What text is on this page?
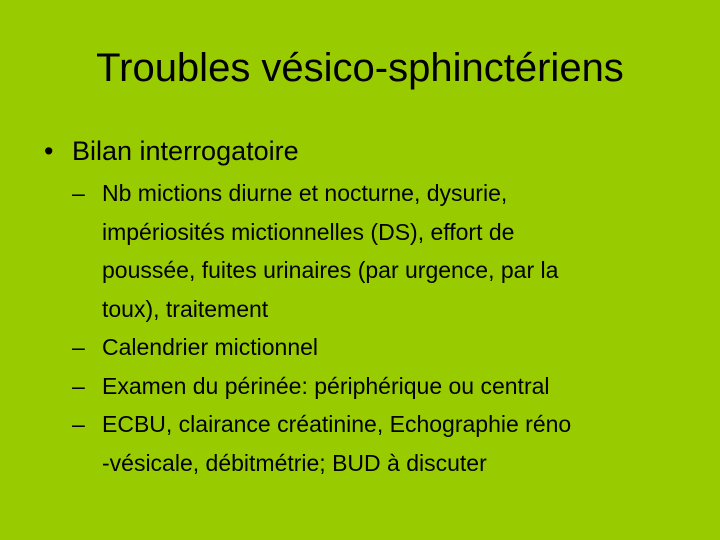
Troubles vésico-sphinctériens
• Bilan interrogatoire
– Nb mictions diurne et nocturne, dysurie,
impériosités mictionnelles (DS), effort de
poussée, fuites urinaires (par urgence, par la
toux), traitement
– Calendrier mictionnel
– Examen du périnée: périphérique ou central
– ECBU, clairance créatinine, Echographie réno
-vésicale, débitmétrie; BUD à discuter
